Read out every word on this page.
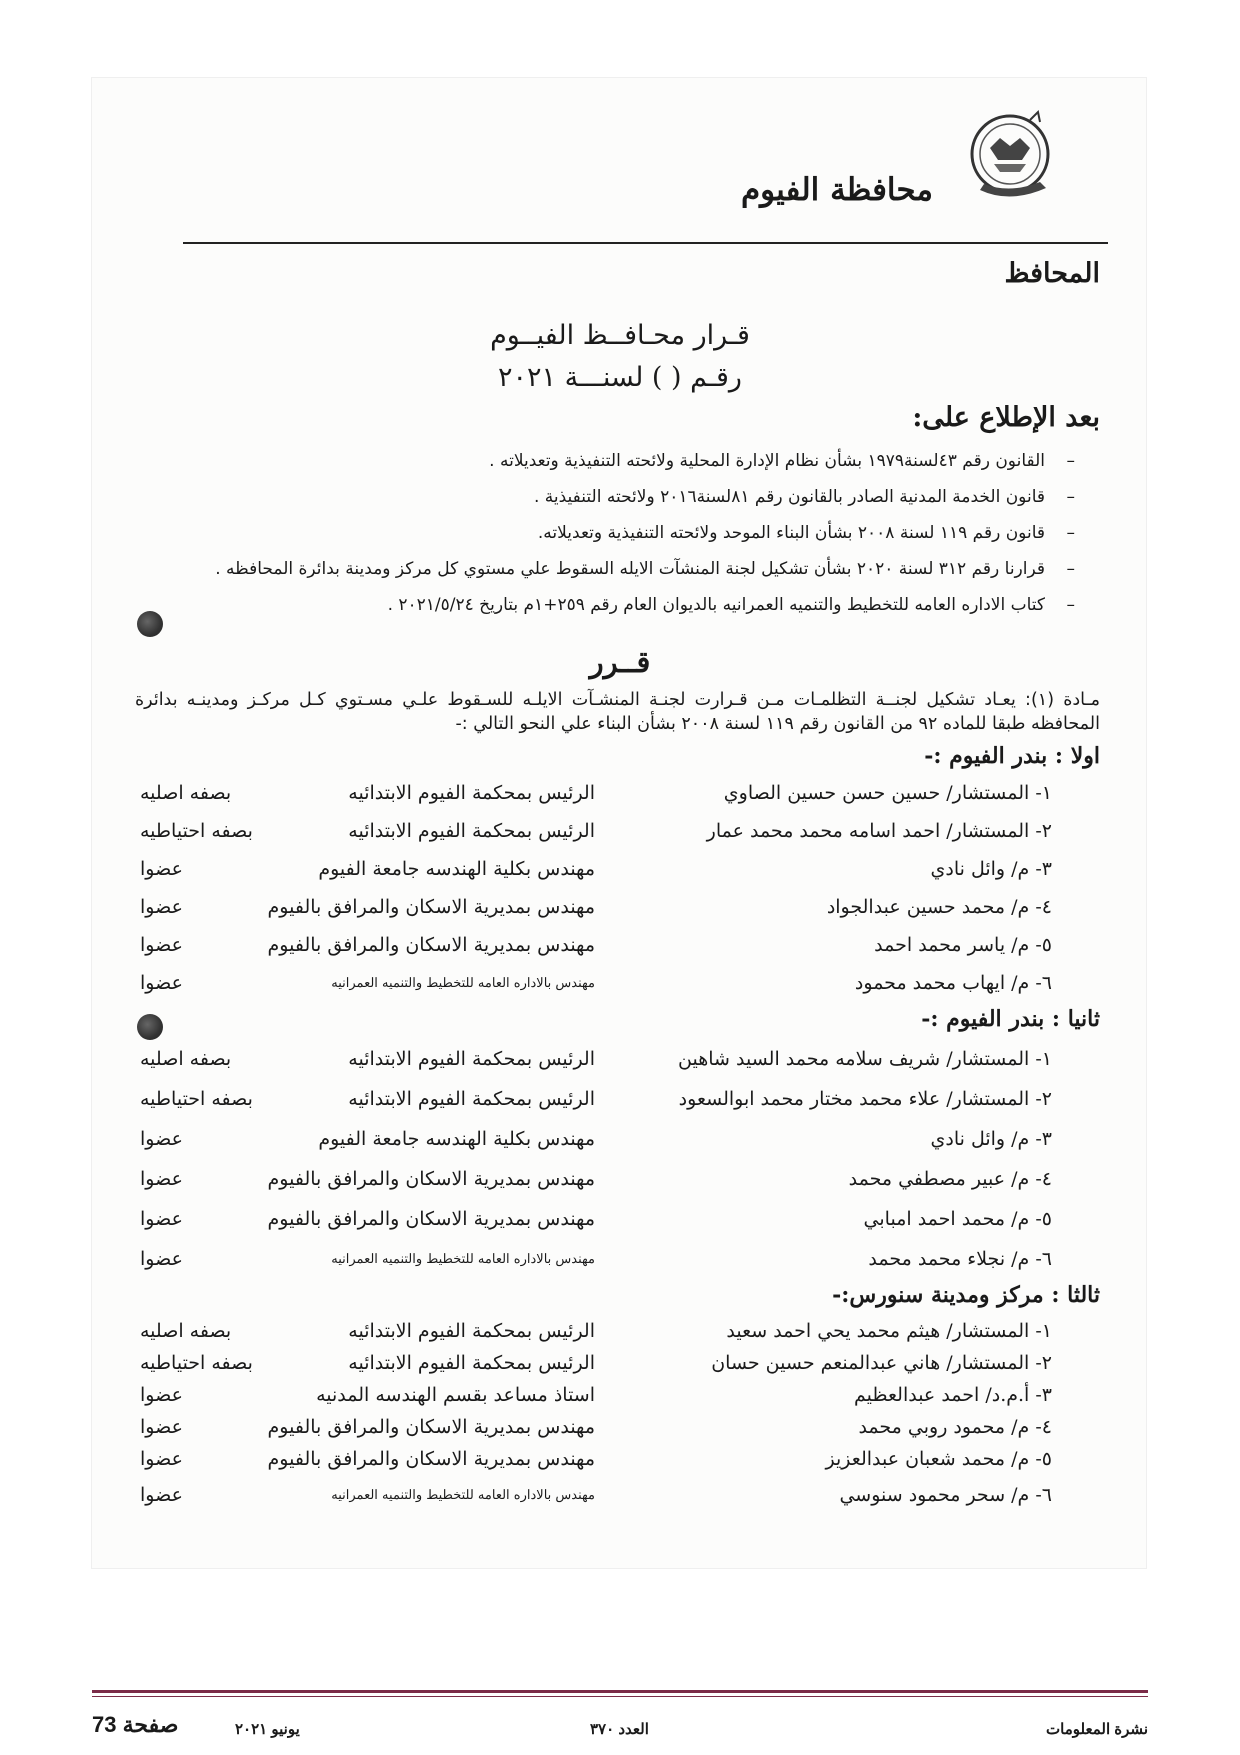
محافظة الفيوم
المحافظ
قـرار محـافــظ الفيــوم
رقـم ( ) لسنـــة ٢٠٢١
بعد الإطلاع على:
–القانون رقم ٤٣لسنة١٩٧٩ بشأن نظام الإدارة المحلية ولائحته التنفيذية وتعديلاته .
–قانون الخدمة المدنية الصادر بالقانون رقم ٨١لسنة٢٠١٦ ولائحته التنفيذية .
–قانون رقم ١١٩ لسنة ٢٠٠٨ بشأن البناء الموحد ولائحته التنفيذية وتعديلاته.
–قرارنا رقم ٣١٢ لسنة ٢٠٢٠ بشأن تشكيل لجنة المنشآت الايله السقوط علي مستوي كل مركز ومدينة بدائرة المحافظه .
–كتاب الاداره العامه للتخطيط والتنميه العمرانيه بالديوان العام رقم ٢٥٩+١م بتاريخ ٢٠٢١/٥/٢٤ .
قــرر
مـادة (١): يعـاد تشكيل لجنــة التظلمـات مـن قـرارت لجنـة المنشـآت الايلـه للسـقوط علـي مسـتوي كـل مركـز ومدينـه بدائرة المحافظه طبقا للماده ٩٢ من القانون رقم ١١٩ لسنة ٢٠٠٨ بشأن البناء علي النحو التالي :-
اولا : بندر الفيوم :-
١- المستشار/ حسين حسن حسين الصاوي
الرئيس بمحكمة الفيوم الابتدائيه
بصفه اصليه
٢- المستشار/ احمد اسامه محمد محمد عمار
الرئيس بمحكمة الفيوم الابتدائيه
بصفه احتياطيه
٣- م/ وائل نادي
مهندس بكلية الهندسه جامعة الفيوم
عضوا
٤- م/ محمد حسين عبدالجواد
مهندس بمديرية الاسكان والمرافق بالفيوم
عضوا
٥- م/ ياسر محمد احمد
مهندس بمديرية الاسكان والمرافق بالفيوم
عضوا
٦- م/ ايهاب محمد محمود
مهندس بالاداره العامه للتخطيط والتنميه العمرانيه
عضوا
ثانيا : بندر الفيوم :-
١- المستشار/ شريف سلامه محمد السيد شاهين
الرئيس بمحكمة الفيوم الابتدائيه
بصفه اصليه
٢- المستشار/ علاء محمد مختار محمد ابوالسعود
الرئيس بمحكمة الفيوم الابتدائيه
بصفه احتياطيه
٣- م/ وائل نادي
مهندس بكلية الهندسه جامعة الفيوم
عضوا
٤- م/ عبير مصطفي محمد
مهندس بمديرية الاسكان والمرافق بالفيوم
عضوا
٥- م/ محمد احمد امبابي
مهندس بمديرية الاسكان والمرافق بالفيوم
عضوا
٦- م/ نجلاء محمد محمد
مهندس بالاداره العامه للتخطيط والتنميه العمرانيه
عضوا
ثالثا : مركز ومدينة سنورس:-
١- المستشار/ هيثم محمد يحي احمد سعيد
الرئيس بمحكمة الفيوم الابتدائيه
بصفه اصليه
٢- المستشار/ هاني عبدالمنعم حسين حسان
الرئيس بمحكمة الفيوم الابتدائيه
بصفه احتياطيه
٣- أ.م.د/ احمد عبدالعظيم
استاذ مساعد بقسم الهندسه المدنيه
عضوا
٤- م/ محمود روبي محمد
مهندس بمديرية الاسكان والمرافق بالفيوم
عضوا
٥- م/ محمد شعبان عبدالعزيز
مهندس بمديرية الاسكان والمرافق بالفيوم
عضوا
٦- م/ سحر محمود سنوسي
مهندس بالاداره العامه للتخطيط والتنميه العمرانيه
عضوا
نشرة المعلومات
العدد ٣٧٠
يونيو ٢٠٢١
صفحة 73
